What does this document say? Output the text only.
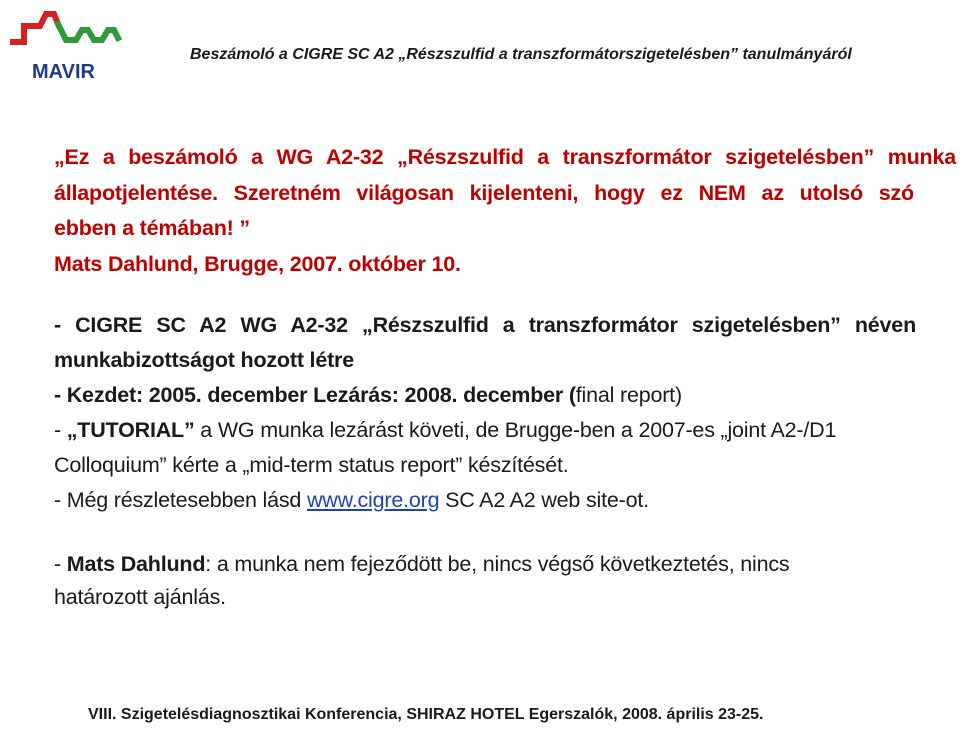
MAVIR
Beszámoló a CIGRE SC A2 „Részszulfid a transzformátorszigetelésben” tanulmányáról
„Ez a beszámoló a WG A2-32 „Részszulfid a transzformátor szigetelésben” munka
állapotjelentése. Szeretném világosan kijelenteni, hogy ez NEM az utolsó szó
ebben a témában! ”
Mats Dahlund, Brugge, 2007. október 10.
- CIGRE SC A2 WG A2-32 „Részszulfid a transzformátor szigetelésben” néven
munkabizottságot hozott létre
- Kezdet: 2005. december Lezárás: 2008. december (final report)
- „TUTORIAL” a WG munka lezárást követi, de Brugge-ben a 2007-es „joint A2-/D1
Colloquium” kérte a „mid-term status report” készítését.
- Még részletesebben lásd www.cigre.org SC A2 A2 web site-ot.
- Mats Dahlund: a munka nem fejeződött be, nincs végső következtetés, nincs
határozott ajánlás.
VIII. Szigetelésdiagnosztikai Konferencia, SHIRAZ HOTEL Egerszalók, 2008. április 23-25.
